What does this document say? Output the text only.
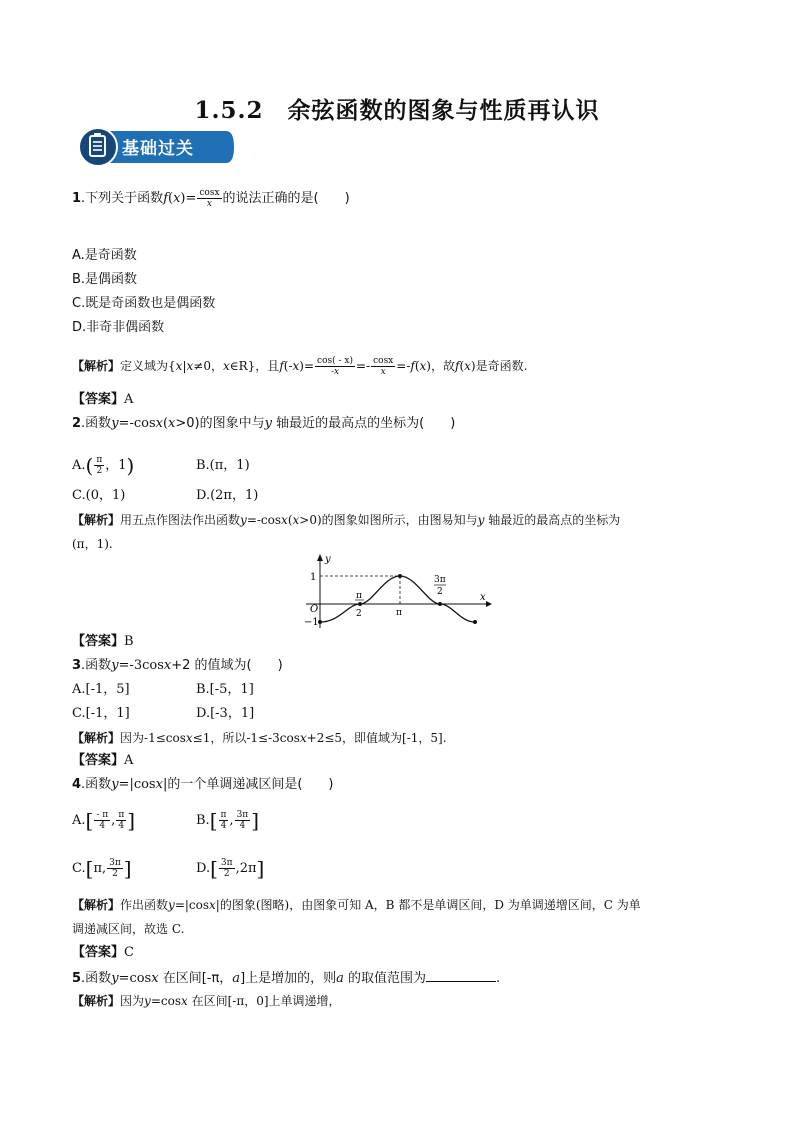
1.5.2　余弦函数的图象与性质再认识
基础过关
1.下列关于函数$f(x)= \frac{\cos x}{x}$ 的说法正确的是(　　)
A.是奇函数
B.是偶函数
C.既是奇函数也是偶函数
D.非奇非偶函数
【解析】定义域为{x|x≠0，x∈R}，且$f(-x)= \frac{\cos( - x)}{-x} =- \frac{\cos x}{x} =-f(x)$，故f(x)是奇函数.
【答案】A
2.函数y=-cosx(x>0)的图象中与y 轴最近的最高点的坐标为(　　)
$A.( \frac{\pi}{2}$ ，1)	B.(π，1)
C.(0，1)	D.(2π，1)
【解析】用五点作图法作出函数y=-cosx(x>0)的图象如图所示，由图易知与y 轴最近的最高点的坐标为
(π，1).
y
x
O
1
−1
π
2	π
3π
2
【答案】B
3.函数y=-3cosx+2 的值域为(　　)
A.[-1，5]	B.[-5，1]
C.[-1，1]	D.[-3，1]
【解析】因为-1≤cosx≤1，所以-1≤-3cosx+2≤5，即值域为[-1，5].
【答案】A
4.函数y=|cosx|的一个单调递减区间是(　　)
$A.[ \frac{- \pi}{4}$ , $\frac{\pi}{4}$ ]	$B.[ \frac{\pi}{4}$ , $\frac{3\pi}{4}$ ]
C.[π, $\frac{3\pi}{2}$ ]	$D.[ \frac{3\pi}{2} ,2\pi]$
【解析】作出函数y=|cosx|的图象(图略)，由图象可知 A，B 都不是单调区间，D 为单调递增区间，C 为单
调递减区间，故选 C.
【答案】C
5.函数y=cosx 在区间[-π，a]上是增加的，则a 的取值范围为	.
【解析】因为y=cosx 在区间[-π，0]上单调递增，
